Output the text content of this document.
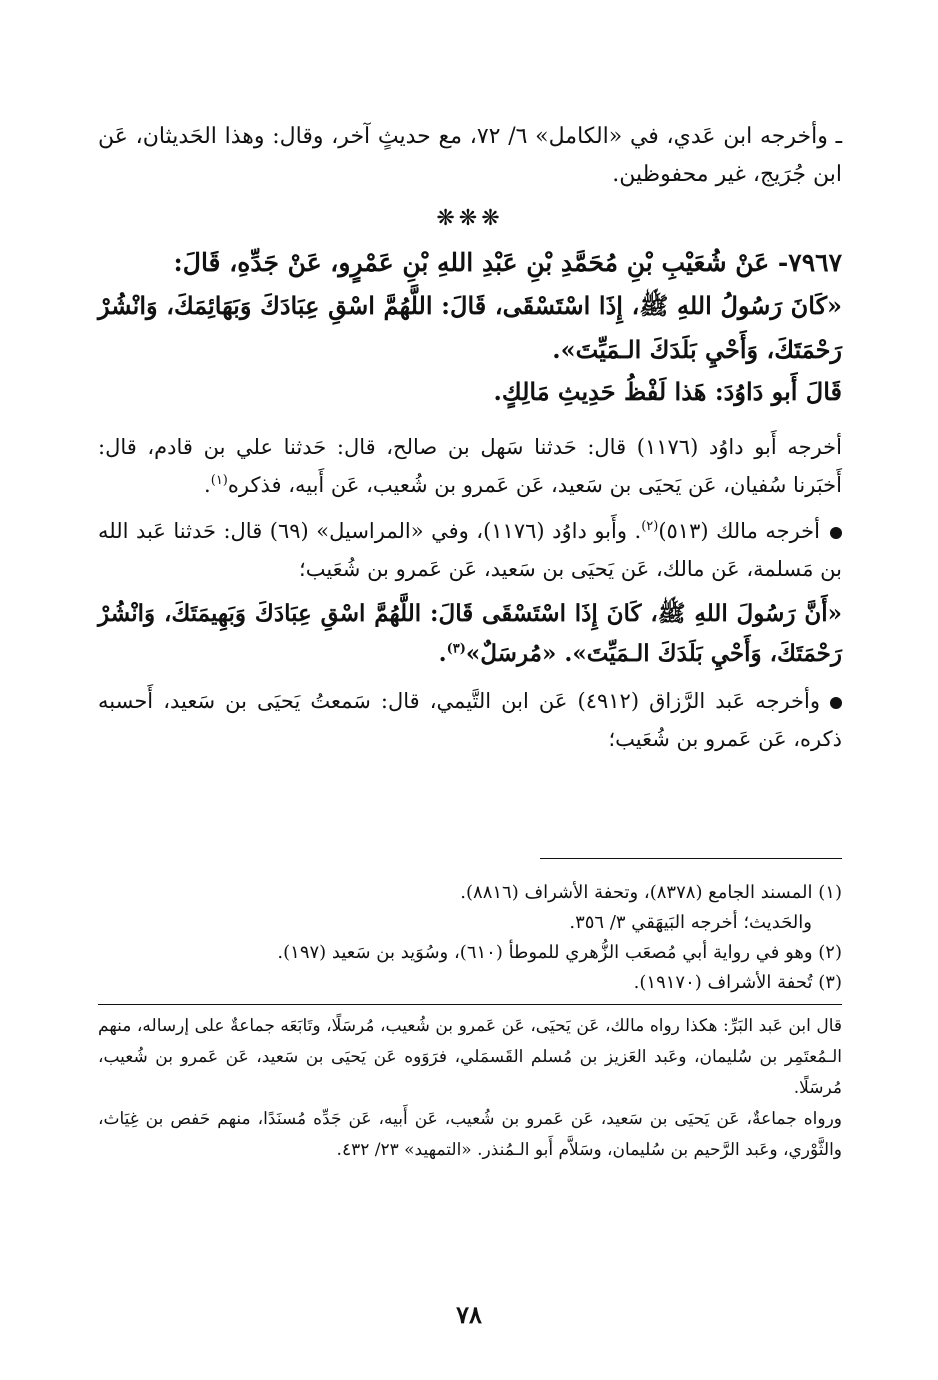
ـ وأخرجه ابن عَدي، في «الكامل» ٦/ ٧٢، مع حديثٍ آخر، وقال: وهذا الحَديثان، عَن ابن جُرَيج، غير محفوظين.

❋❋❋

٧٩٦٧- عَنْ شُعَيْبِ بْنِ مُحَمَّدِ بْنِ عَبْدِ اللهِ بْنِ عَمْرٍو، عَنْ جَدِّهِ، قَالَ:

«كَانَ رَسُولُ اللهِ ﷺ، إِذَا اسْتَسْقَى، قَالَ: اللَّهُمَّ اسْقِ عِبَادَكَ وَبَهَائِمَكَ، وَانْشُرْ رَحْمَتَكَ، وَأَحْيِ بَلَدَكَ الـمَيِّتَ».

قَالَ أَبو دَاوُدَ: هَذا لَفْظُ حَدِيثِ مَالِكٍ.

أخرجه أَبو داوُد (١١٧٦) قال: حَدثنا سَهل بن صالح، قال: حَدثنا علي بن قادم، قال: أَخبَرنا سُفيان، عَن يَحيَى بن سَعيد، عَن عَمرو بن شُعيب، عَن أَبيه، فذكره$^{(١)}$.

أخرجه مالك (٥١٣)$^{(٢)}$. وأَبو داوُد (١١٧٦)، وفي «المراسيل» (٦٩) قال: حَدثنا عَبد الله بن مَسلمة، عَن مالك، عَن يَحيَى بن سَعيد، عَن عَمرو بن شُعَيب؛

«أَنَّ رَسُولَ اللهِ ﷺ، كَانَ إِذَا اسْتَسْقَى قَالَ: اللَّهُمَّ اسْقِ عِبَادَكَ وَبَهِيمَتَكَ، وَانْشُرْ رَحْمَتَكَ، وَأَحْيِ بَلَدَكَ الـمَيِّتَ». «مُرسَلٌ»$^{(٣)}$.

وأخرجه عَبد الرَّزاق (٤٩١٢) عَن ابن التَّيمي، قال: سَمعتُ يَحيَى بن سَعيد، أَحسبه ذكره، عَن عَمرو بن شُعَيب؛

(١) المسند الجامع (٨٣٧٨)، وتحفة الأشراف (٨٨١٦).

والحَديث؛ أخرجه البَيهَقي ٣/ ٣٥٦.

(٢) وهو في رواية أبي مُصعَب الزُّهري للموطأ (٦١٠)، وسُوَيد بن سَعيد (١٩٧).

(٣) تُحفة الأشراف (١٩١٧٠).

قال ابن عَبد البَرِّ: هكذا رواه مالك، عَن يَحيَى، عَن عَمرو بن شُعيب، مُرسَلًا، وتَابَعَه جماعةٌ على إرساله، منهم الـمُعتَمِر بن سُليمان، وعَبد العَزيز بن مُسلم القَسمَلي، فرَوَوه عَن يَحيَى بن سَعيد، عَن عَمرو بن شُعيب، مُرسَلًا.

ورواه جماعةٌ، عَن يَحيَى بن سَعيد، عَن عَمرو بن شُعيب، عَن أَبيه، عَن جَدِّه مُسنَدًا، منهم حَفص بن غِيَاث، والثَّوْري، وعَبد الرَّحيم بن سُليمان، وسَلاَّم أَبو الـمُنذر. «التمهيد» ٢٣/ ٤٣٢.

٧٨
